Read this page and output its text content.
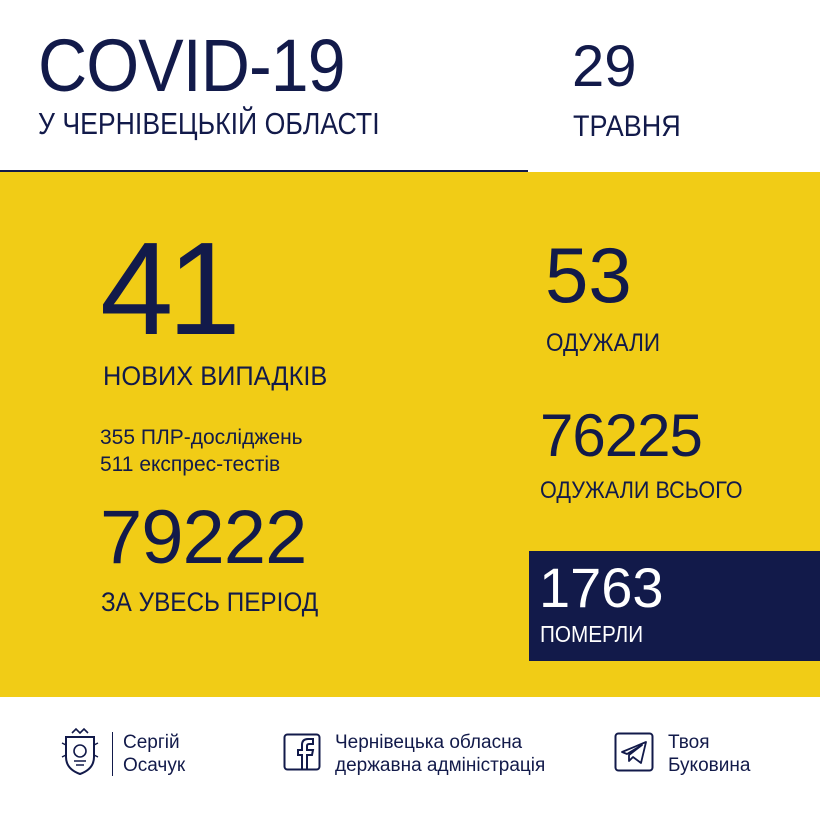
COVID-19
У ЧЕРНІВЕЦЬКІЙ ОБЛАСТІ
29
ТРАВНЯ
41
НОВИХ ВИПАДКІВ
355 ПЛР-досліджень
511 експрес-тестів
79222
ЗА УВЕСЬ ПЕРІОД
53
ОДУЖАЛИ
76225
ОДУЖАЛИ ВСЬОГО
1763
ПОМЕРЛИ
Сергій
Осачук
Чернівецька обласна
державна адміністрація
Твоя
Буковина
